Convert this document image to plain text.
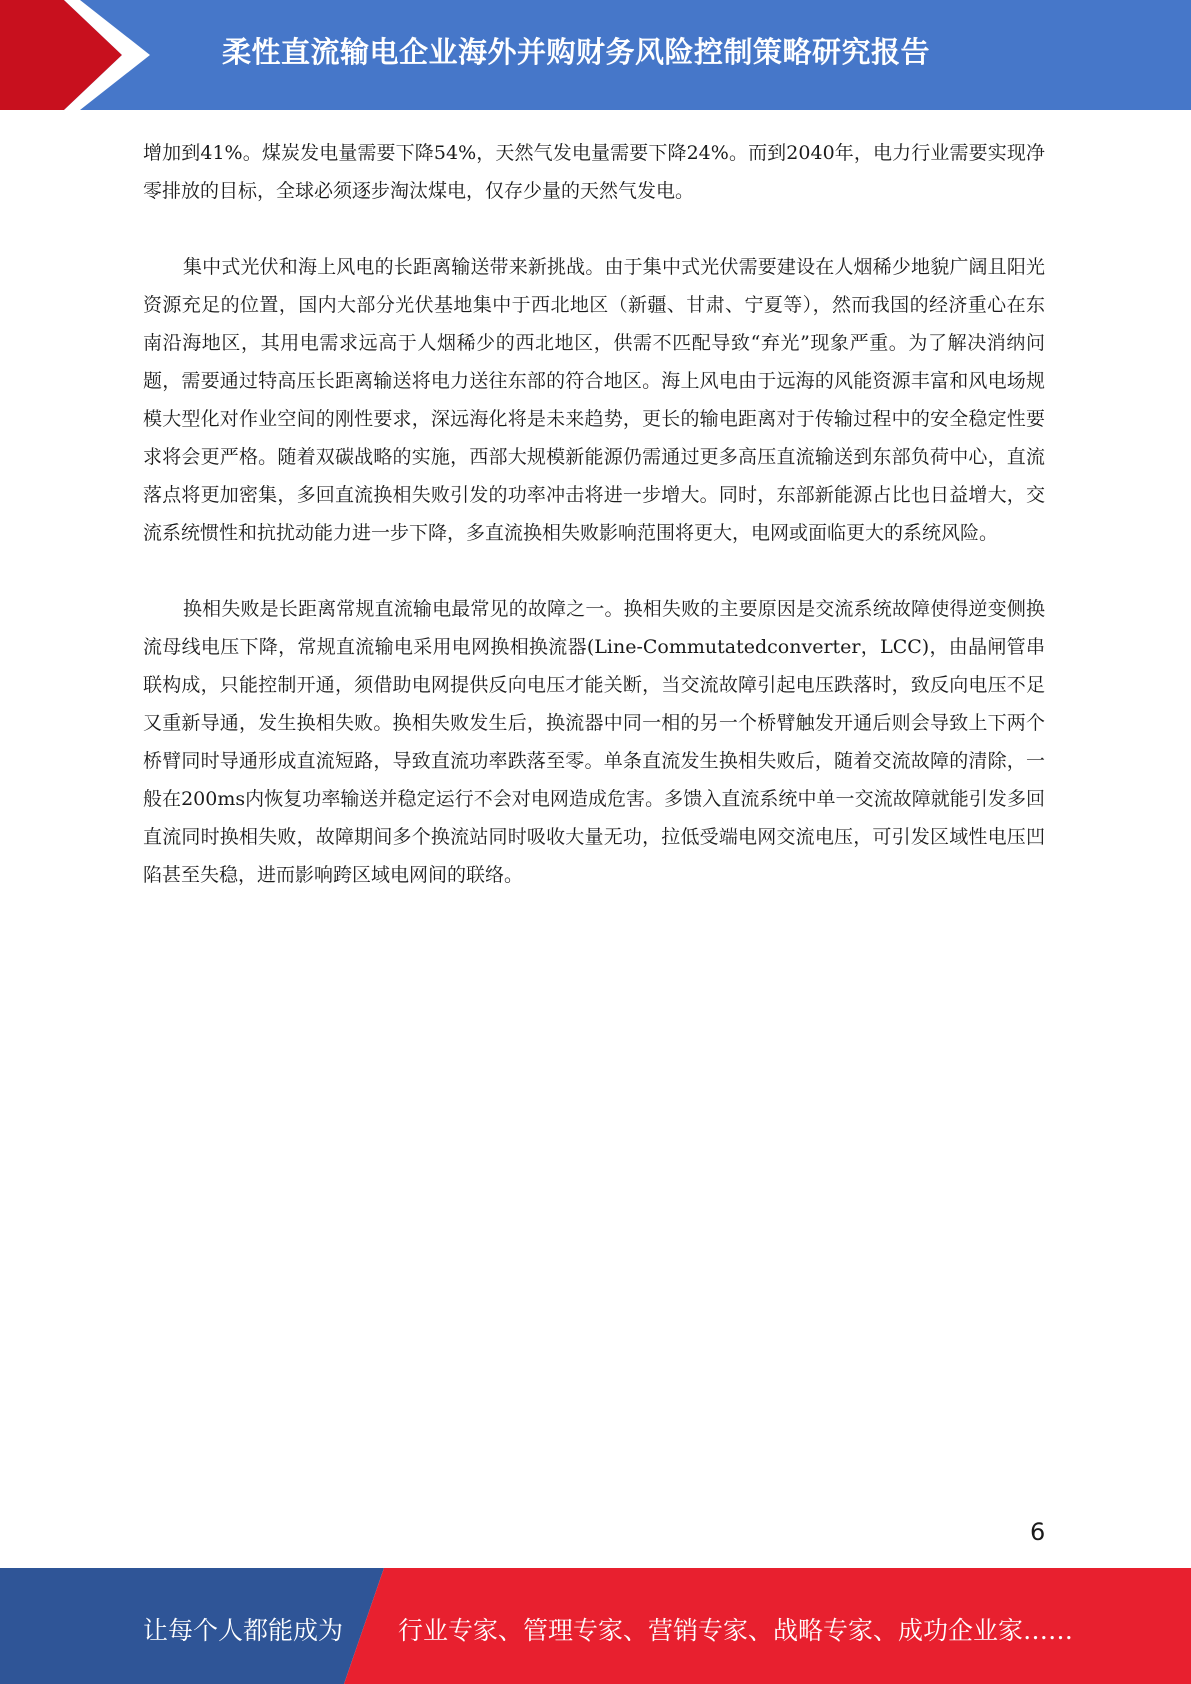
柔性直流输电企业海外并购财务风险控制策略研究报告

增加到41%。煤炭发电量需要下降54%，天然气发电量需要下降24%。而到2040年，电力行业需要实现净零排放的目标，全球必须逐步淘汰煤电，仅存少量的天然气发电。

集中式光伏和海上风电的长距离输送带来新挑战。由于集中式光伏需要建设在人烟稀少地貌广阔且阳光资源充足的位置，国内大部分光伏基地集中于西北地区（新疆、甘肃、宁夏等），然而我国的经济重心在东南沿海地区，其用电需求远高于人烟稀少的西北地区，供需不匹配导致“弃光”现象严重。为了解决消纳问题，需要通过特高压长距离输送将电力送往东部的符合地区。海上风电由于远海的风能资源丰富和风电场规模大型化对作业空间的刚性要求，深远海化将是未来趋势，更长的输电距离对于传输过程中的安全稳定性要求将会更严格。随着双碳战略的实施，西部大规模新能源仍需通过更多高压直流输送到东部负荷中心，直流落点将更加密集，多回直流换相失败引发的功率冲击将进一步增大。同时，东部新能源占比也日益增大，交流系统惯性和抗扰动能力进一步下降，多直流换相失败影响范围将更大，电网或面临更大的系统风险。

换相失败是长距离常规直流输电最常见的故障之一。换相失败的主要原因是交流系统故障使得逆变侧换流母线电压下降，常规直流输电采用电网换相换流器(Line-Commutatedconverter，LCC)，由晶闸管串联构成，只能控制开通，须借助电网提供反向电压才能关断，当交流故障引起电压跌落时，致反向电压不足又重新导通，发生换相失败。换相失败发生后，换流器中同一相的另一个桥臂触发开通后则会导致上下两个桥臂同时导通形成直流短路，导致直流功率跌落至零。单条直流发生换相失败后，随着交流故障的清除，一般在200ms内恢复功率输送并稳定运行不会对电网造成危害。多馈入直流系统中单一交流故障就能引发多回直流同时换相失败，故障期间多个换流站同时吸收大量无功，拉低受端电网交流电压，可引发区域性电压凹陷甚至失稳，进而影响跨区域电网间的联络。

6
让每个人都能成为 行业专家、管理专家、营销专家、战略专家、成功企业家……
